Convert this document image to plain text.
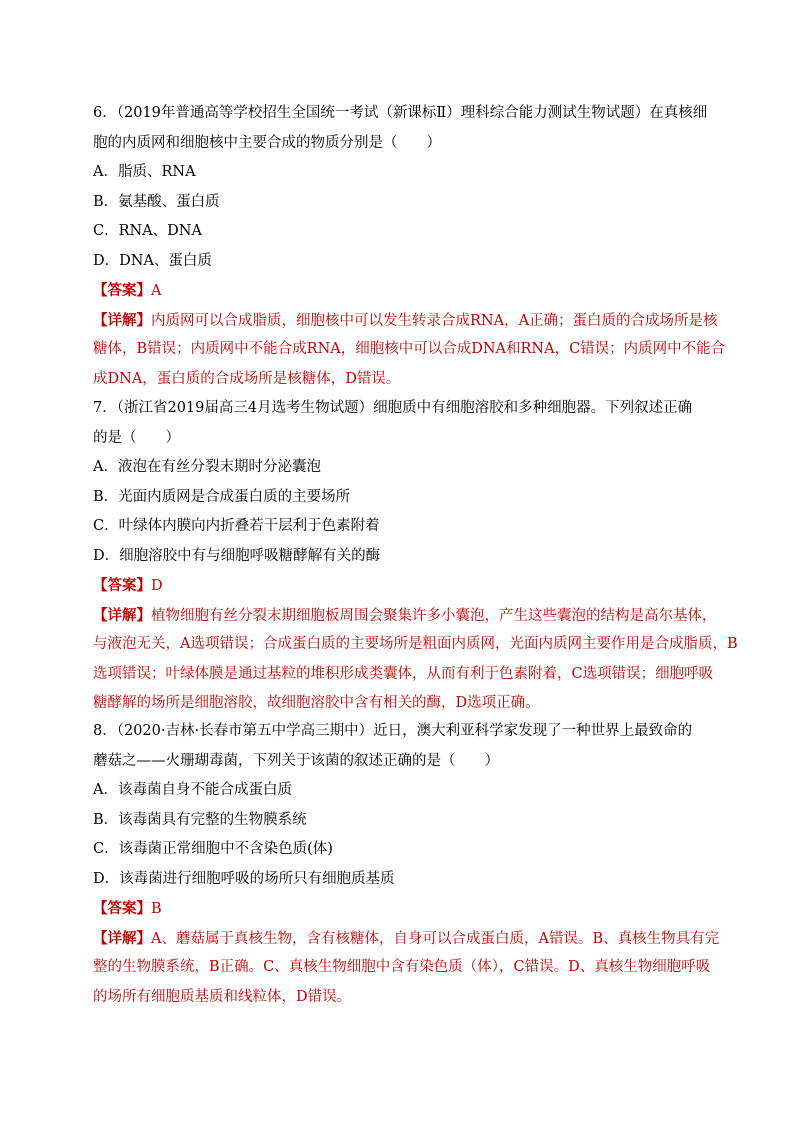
6．（2019年普通高等学校招生全国统一考试（新课标Ⅱ）理科综合能力测试生物试题）在真核细
胞的内质网和细胞核中主要合成的物质分别是（　　）
A．脂质、RNA
B．氨基酸、蛋白质
C．RNA、DNA
D．DNA、蛋白质
【答案】A
【详解】内质网可以合成脂质，细胞核中可以发生转录合成RNA，A正确；蛋白质的合成场所是核
糖体，B错误；内质网中不能合成RNA，细胞核中可以合成DNA和RNA，C错误；内质网中不能合
成DNA，蛋白质的合成场所是核糖体，D错误。
7．（浙江省2019届高三4月选考生物试题）细胞质中有细胞溶胶和多种细胞器。下列叙述正确
的是（　　）
A．液泡在有丝分裂末期时分泌囊泡
B．光面内质网是合成蛋白质的主要场所
C．叶绿体内膜向内折叠若干层利于色素附着
D．细胞溶胶中有与细胞呼吸糖酵解有关的酶
【答案】D
【详解】植物细胞有丝分裂末期细胞板周围会聚集许多小囊泡，产生这些囊泡的结构是高尔基体，
与液泡无关，A选项错误；合成蛋白质的主要场所是粗面内质网，光面内质网主要作用是合成脂质，B
选项错误；叶绿体膜是通过基粒的堆积形成类囊体，从而有利于色素附着，C选项错误；细胞呼吸
糖酵解的场所是细胞溶胶，故细胞溶胶中含有相关的酶，D选项正确。
8．（2020·吉林·长春市第五中学高三期中）近日，澳大利亚科学家发现了一种世界上最致命的
蘑菇之——火珊瑚毒菌，下列关于该菌的叙述正确的是（　　）
A．该毒菌自身不能合成蛋白质
B．该毒菌具有完整的生物膜系统
C．该毒菌正常细胞中不含染色质(体)
D．该毒菌进行细胞呼吸的场所只有细胞质基质
【答案】B
【详解】A、蘑菇属于真核生物，含有核糖体，自身可以合成蛋白质，A错误。B、真核生物具有完
整的生物膜系统，B正确。C、真核生物细胞中含有染色质（体），C错误。D、真核生物细胞呼吸
的场所有细胞质基质和线粒体，D错误。
